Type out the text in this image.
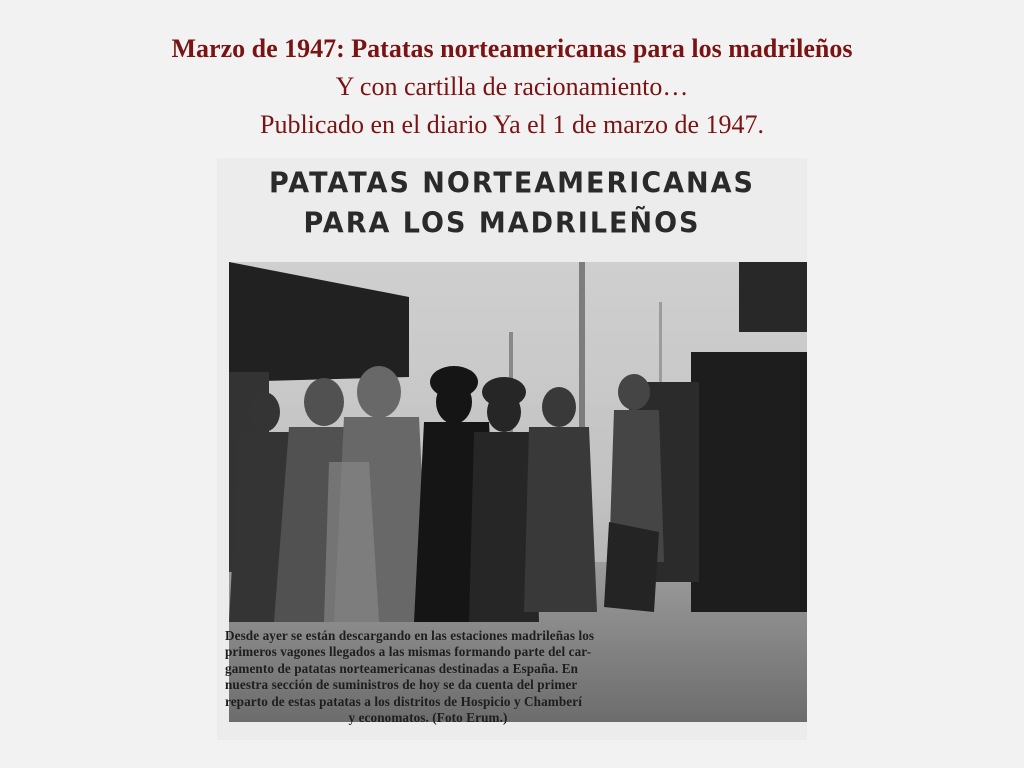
Marzo de 1947: Patatas norteamericanas para los madrileños
Y con cartilla de racionamiento…
Publicado en el diario Ya el 1 de marzo de 1947.
PATATAS NORTEAMERICANAS
PARA LOS MADRILEÑOS
Desde ayer se están descargando en las estaciones madrileñas los
primeros vagones llegados a las mismas formando parte del car-
gamento de patatas norteamericanas destinadas a España. En
nuestra sección de suministros de hoy se da cuenta del primer
reparto de estas patatas a los distritos de Hospicio y Chamberí
y economatos. (Foto Erum.)
